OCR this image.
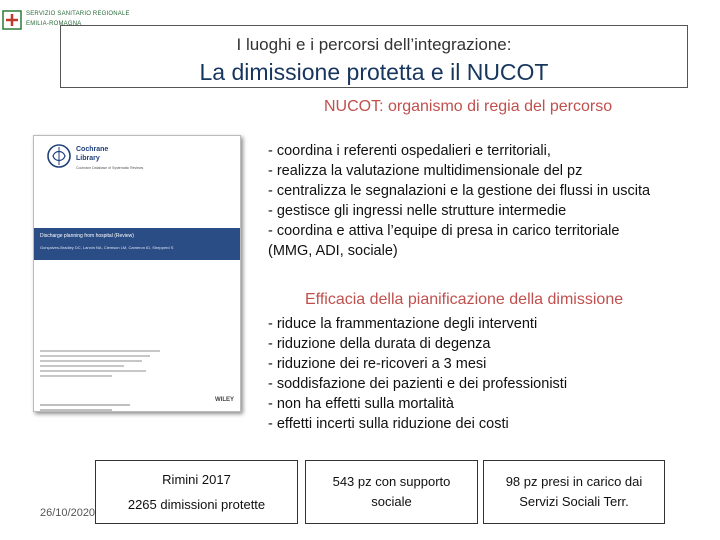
SERVIZIO SANITARIO REGIONALE
EMILIA-ROMAGNA
I luoghi e i percorsi dell’integrazione:
La dimissione protetta e il NUCOT
NUCOT: organismo di regia del percorso
- coordina i referenti ospedalieri e territoriali,
- realizza la valutazione multidimensionale del pz
- centralizza le segnalazioni e la gestione dei flussi in uscita
- gestisce gli ingressi nelle strutture intermedie
- coordina e attiva l’equipe di presa in carico territoriale
(MMG, ADI, sociale)
Cochrane
Library
Cochrane Database of Systematic Reviews
Discharge planning from hospital (Review)
Gonçalves-Bradley DC, Lannin NA, Clemson LM, Cameron ID, Shepperd S
WILEY
Efficacia della pianificazione della dimissione
- riduce la frammentazione degli interventi
- riduzione della durata di degenza
- riduzione dei re-ricoveri a 3 mesi
- soddisfazione dei pazienti e dei professionisti
- non ha effetti sulla mortalità
- effetti incerti sulla riduzione dei costi
Rimini 2017
2265 dimissioni protette
543 pz con supporto
sociale
98 pz presi in carico dai
Servizi Sociali Terr.
26/10/2020
